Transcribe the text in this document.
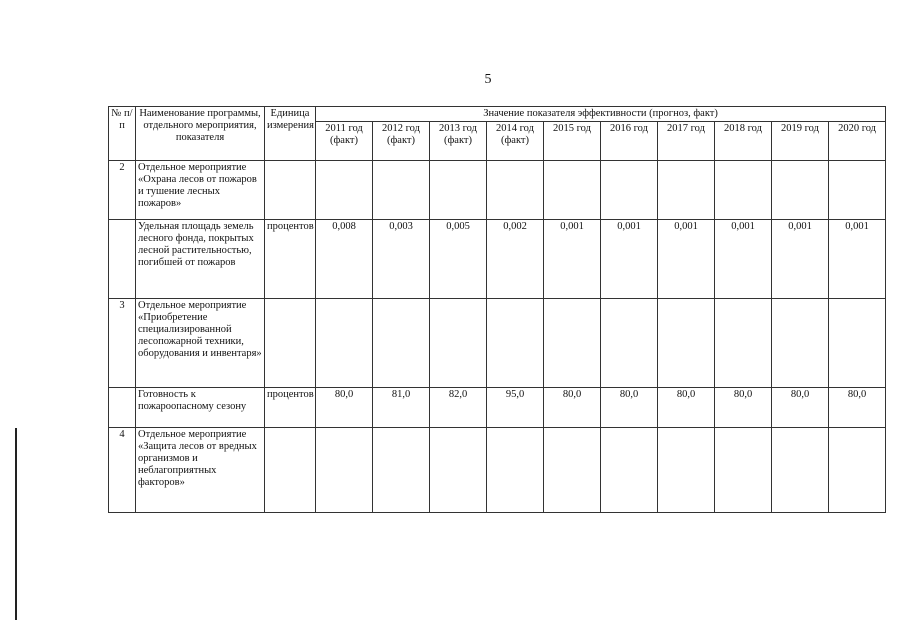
5
№ п/п	Наименование программы, отдельного мероприятия, показателя	Единица измерения	Значение показателя эффективности (прогноз, факт)									
			2011 год (факт)	2012 год (факт)	2013 год (факт)	2014 год (факт)	2015 год	2016 год	2017 год	2018 год	2019 год	2020 год
2	Отдельное мероприятие «Охрана лесов от пожаров и тушение лесных пожаров»											
	Удельная площадь земель лесного фонда, покрытых лесной растительностью, погибшей от пожаров	процентов	0,008	0,003	0,005	0,002	0,001	0,001	0,001	0,001	0,001	0,001
3	Отдельное мероприятие «Приобретение специализированной лесопожарной техники, оборудования и инвентаря»											
	Готовность к пожароопасному сезону	процентов	80,0	81,0	82,0	95,0	80,0	80,0	80,0	80,0	80,0	80,0
4	Отдельное мероприятие «Защита лесов от вредных организмов и неблагоприятных факторов»											
